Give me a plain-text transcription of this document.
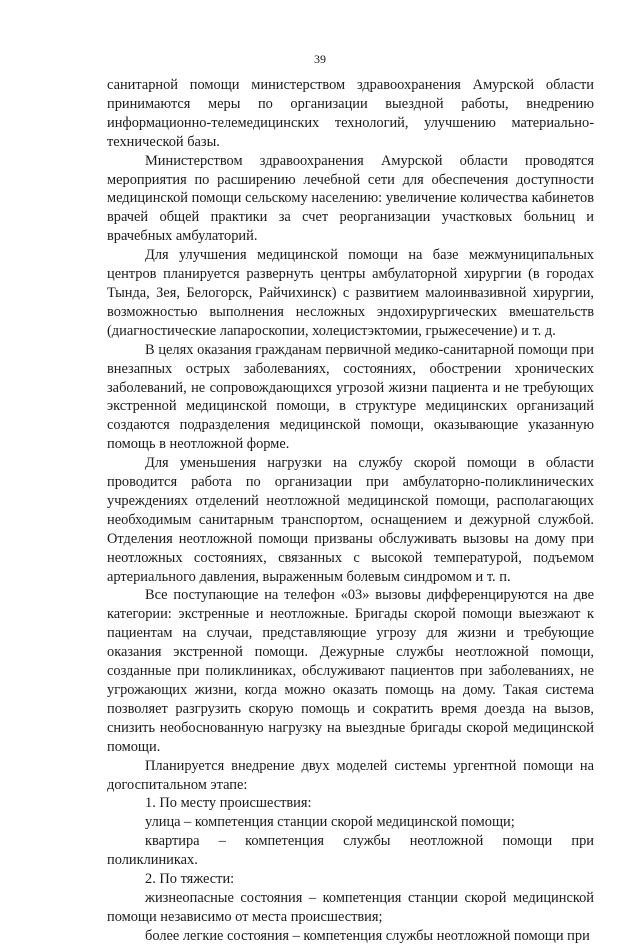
39

санитарной помощи министерством здравоохранения Амурской области принимаются меры по организации выездной работы, внедрению информационно-телемедицинских технологий, улучшению материально-технической базы.

Министерством здравоохранения Амурской области проводятся мероприятия по расширению лечебной сети для обеспечения доступности медицинской помощи сельскому населению: увеличение количества кабинетов врачей общей практики за счет реорганизации участковых больниц и врачебных амбулаторий.

Для улучшения медицинской помощи на базе межмуниципальных центров планируется развернуть центры амбулаторной хирургии (в городах Тында, Зея, Белогорск, Райчихинск) с развитием малоинвазивной хирургии, возможностью выполнения несложных эндохирургических вмешательств (диагностические лапароскопии, холецистэктомии, грыжесечение) и т. д.

В целях оказания гражданам первичной медико-санитарной помощи при внезапных острых заболеваниях, состояниях, обострении хронических заболеваний, не сопровождающихся угрозой жизни пациента и не требующих экстренной медицинской помощи, в структуре медицинских организаций создаются подразделения медицинской помощи, оказывающие указанную помощь в неотложной форме.

Для уменьшения нагрузки на службу скорой помощи в области проводится работа по организации при амбулаторно-поликлинических учреждениях отделений неотложной медицинской помощи, располагающих необходимым санитарным транспортом, оснащением и дежурной службой. Отделения неотложной помощи призваны обслуживать вызовы на дому при неотложных состояниях, связанных с высокой температурой, подъемом артериального давления, выраженным болевым синдромом и т. п.

Все поступающие на телефон «03» вызовы дифференцируются на две категории: экстренные и неотложные. Бригады скорой помощи выезжают к пациентам на случаи, представляющие угрозу для жизни и требующие оказания экстренной помощи. Дежурные службы неотложной помощи, созданные при поликлиниках, обслуживают пациентов при заболеваниях, не угрожающих жизни, когда можно оказать помощь на дому. Такая система позволяет разгрузить скорую помощь и сократить время доезда на вызов, снизить необоснованную нагрузку на выездные бригады скорой медицинской помощи.

Планируется внедрение двух моделей системы ургентной помощи на догоспитальном этапе:

1. По месту происшествия:

улица – компетенция станции скорой медицинской помощи;

квартира – компетенция службы неотложной помощи при поликлиниках.

2. По тяжести:

жизнеопасные состояния – компетенция станции скорой медицинской помощи независимо от места происшествия;

более легкие состояния – компетенция службы неотложной помощи при
